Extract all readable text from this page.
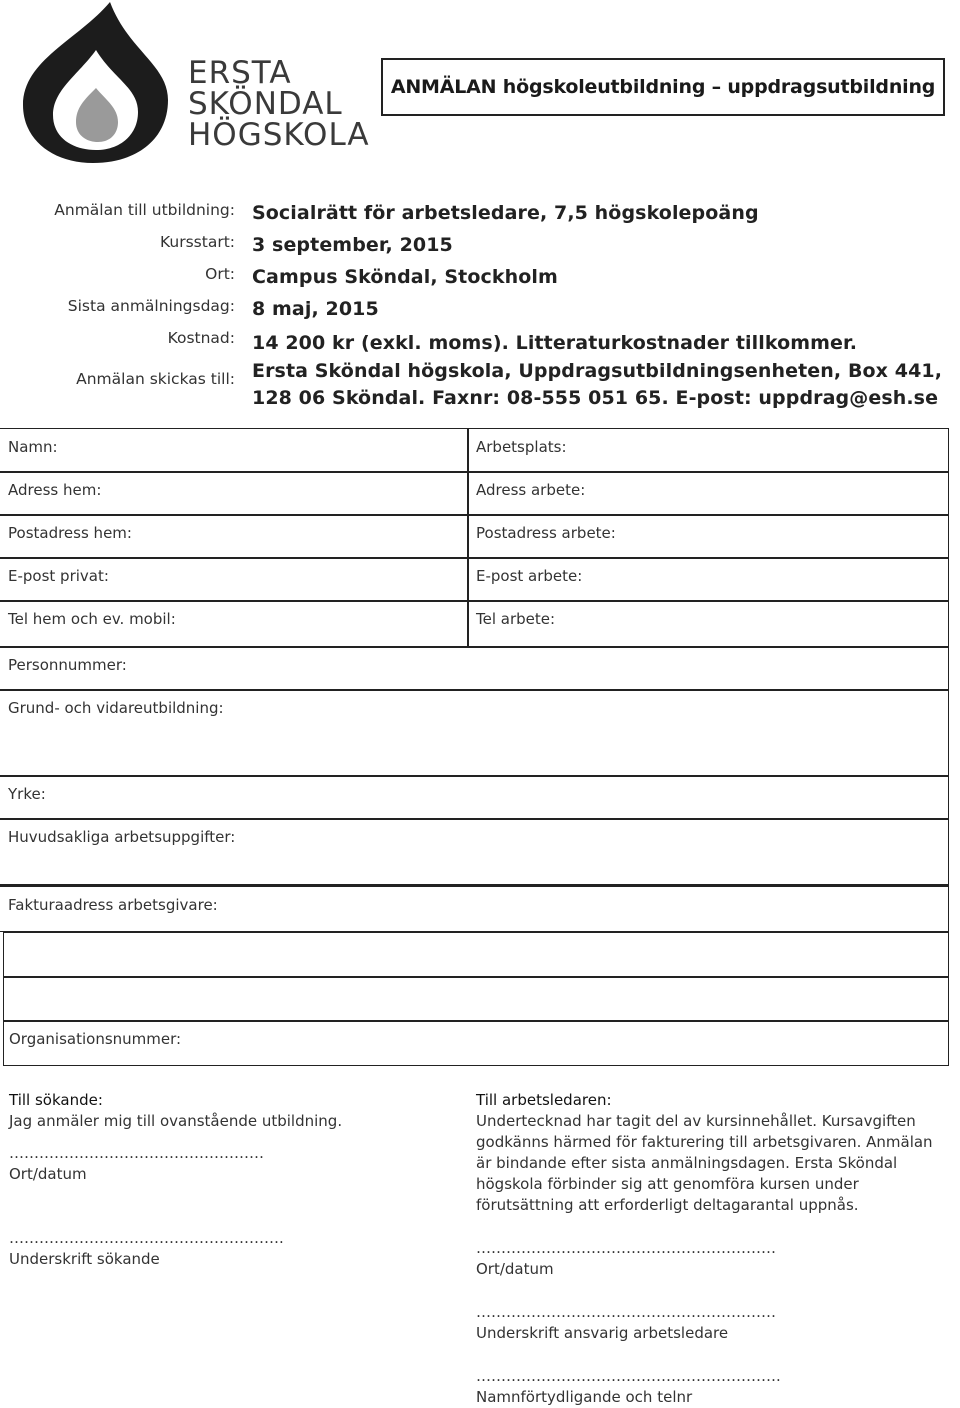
ERSTA
SKÖNDAL
HÖGSKOLA
ANMÄLAN högskoleutbildning – uppdragsutbildning
Anmälan till utbildning: Socialrätt för arbetsledare, 7,5 högskolepoäng
Kursstart: 3 september, 2015
Ort: Campus Sköndal, Stockholm
Sista anmälningsdag: 8 maj, 2015
Kostnad: 14 200 kr (exkl. moms). Litteraturkostnader tillkommer.
Anmälan skickas till: Ersta Sköndal högskola, Uppdragsutbildningsenheten, Box 441,
128 06 Sköndal. Faxnr: 08-555 051 65. E-post: uppdrag@esh.se
Namn:	Arbetsplats:
Adress hem:	Adress arbete:
Postadress hem:	Postadress arbete:
E-post privat:	E-post arbete:
Tel hem och ev. mobil:	Tel arbete:
Personnummer:
Grund- och vidareutbildning:
Yrke:
Huvudsakliga arbetsuppgifter:
Fakturaadress arbetsgivare:
Organisationsnummer:
Till sökande:
Jag anmäler mig till ovanstående utbildning.
……………………………………………
Ort/datum
……………………………………………….
Underskrift sökande
Till arbetsledaren:
Undertecknad har tagit del av kursinnehållet. Kursavgiften
godkänns härmed för fakturering till arbetsgivaren. Anmälan
är bindande efter sista anmälningsdagen. Ersta Sköndal
högskola förbinder sig att genomföra kursen under
förutsättning att erforderligt deltagarantal uppnås.
……………………………………………………
Ort/datum
……………………………………………………
Underskrift ansvarig arbetsledare
…………………………………………………….
Namnförtydligande och telnr
